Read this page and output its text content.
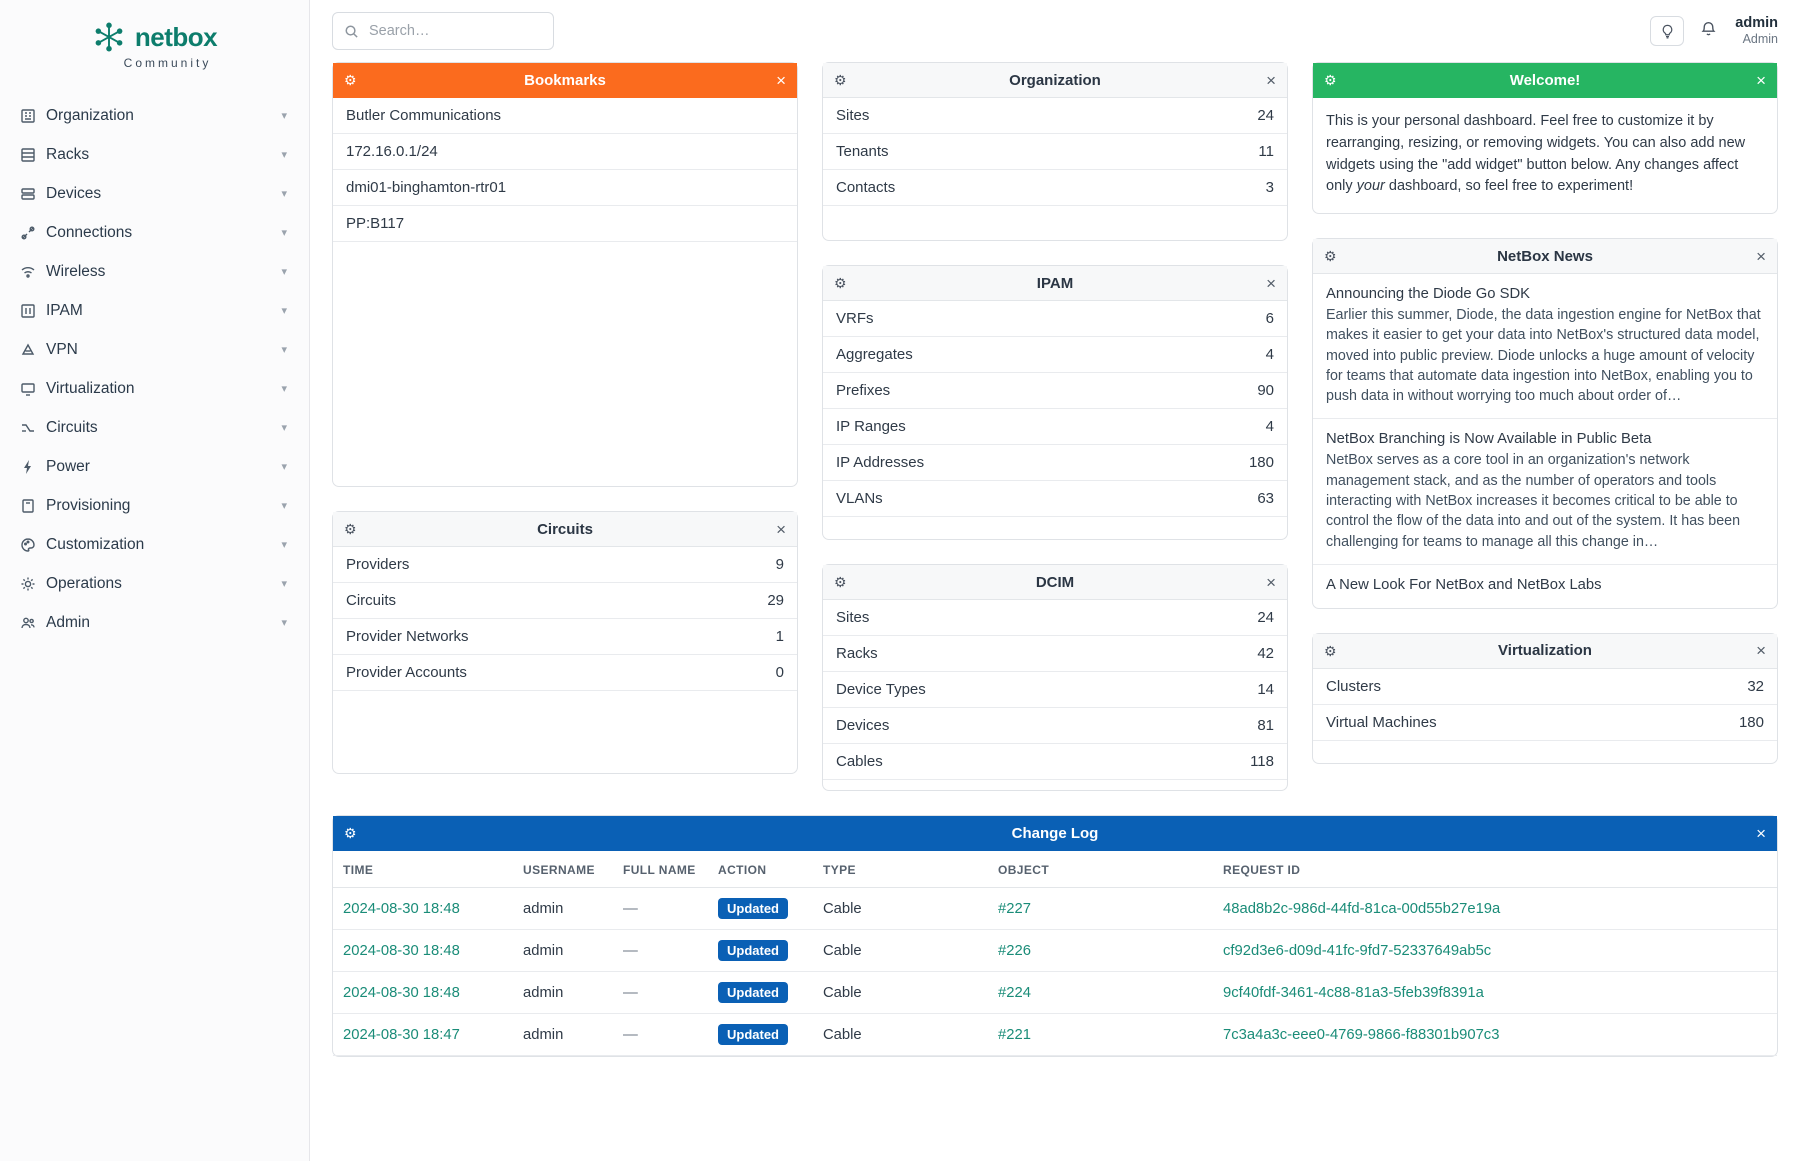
netbox
Community
Organization	▾
Racks	▾
Devices	▾
Connections	▾
Wireless	▾
IPAM	▾
VPN	▾
Virtualization	▾
Circuits	▾
Power	▾
Provisioning	▾
Customization	▾
Operations	▾
Admin	▾
Search…
admin
Admin
⚙	Bookmarks	×
Butler Communications
172.16.0.1/24
dmi01-binghamton-rtr01
PP:B117
⚙	Circuits	×
Providers	9
Circuits	29
Provider Networks	1
Provider Accounts	0
⚙	Organization	×
Sites	24
Tenants	11
Contacts	3
⚙	IPAM	×
VRFs	6
Aggregates	4
Prefixes	90
IP Ranges	4
IP Addresses	180
VLANs	63
⚙	DCIM	×
Sites	24
Racks	42
Device Types	14
Devices	81
Cables	118
⚙	Welcome!	×
This is your personal dashboard. Feel free to customize it by rearranging, resizing, or removing widgets. You can also add new widgets using the "add widget" button below. Any changes affect only your dashboard, so feel free to experiment!
⚙	NetBox News	×
Announcing the Diode Go SDK
Earlier this summer, Diode, the data ingestion engine for NetBox that makes it easier to get your data into NetBox's structured data model, moved into public preview. Diode unlocks a huge amount of velocity for teams that automate data ingestion into NetBox, enabling you to push data in without worrying too much about order of…
NetBox Branching is Now Available in Public Beta
NetBox serves as a core tool in an organization's network management stack, and as the number of operators and tools interacting with NetBox increases it becomes critical to be able to control the flow of the data into and out of the system. It has been challenging for teams to manage all this change in…
A New Look For NetBox and NetBox Labs
⚙	Virtualization	×
Clusters	32
Virtual Machines	180
⚙	Change Log	×
TIME	USERNAME	FULL NAME	ACTION	TYPE	OBJECT	REQUEST ID
2024-08-30 18:48	admin	—	Updated	Cable	#227	48ad8b2c-986d-44fd-81ca-00d55b27e19a
2024-08-30 18:48	admin	—	Updated	Cable	#226	cf92d3e6-d09d-41fc-9fd7-52337649ab5c
2024-08-30 18:48	admin	—	Updated	Cable	#224	9cf40fdf-3461-4c88-81a3-5feb39f8391a
2024-08-30 18:47	admin	—	Updated	Cable	#221	7c3a4a3c-eee0-4769-9866-f88301b907c3
